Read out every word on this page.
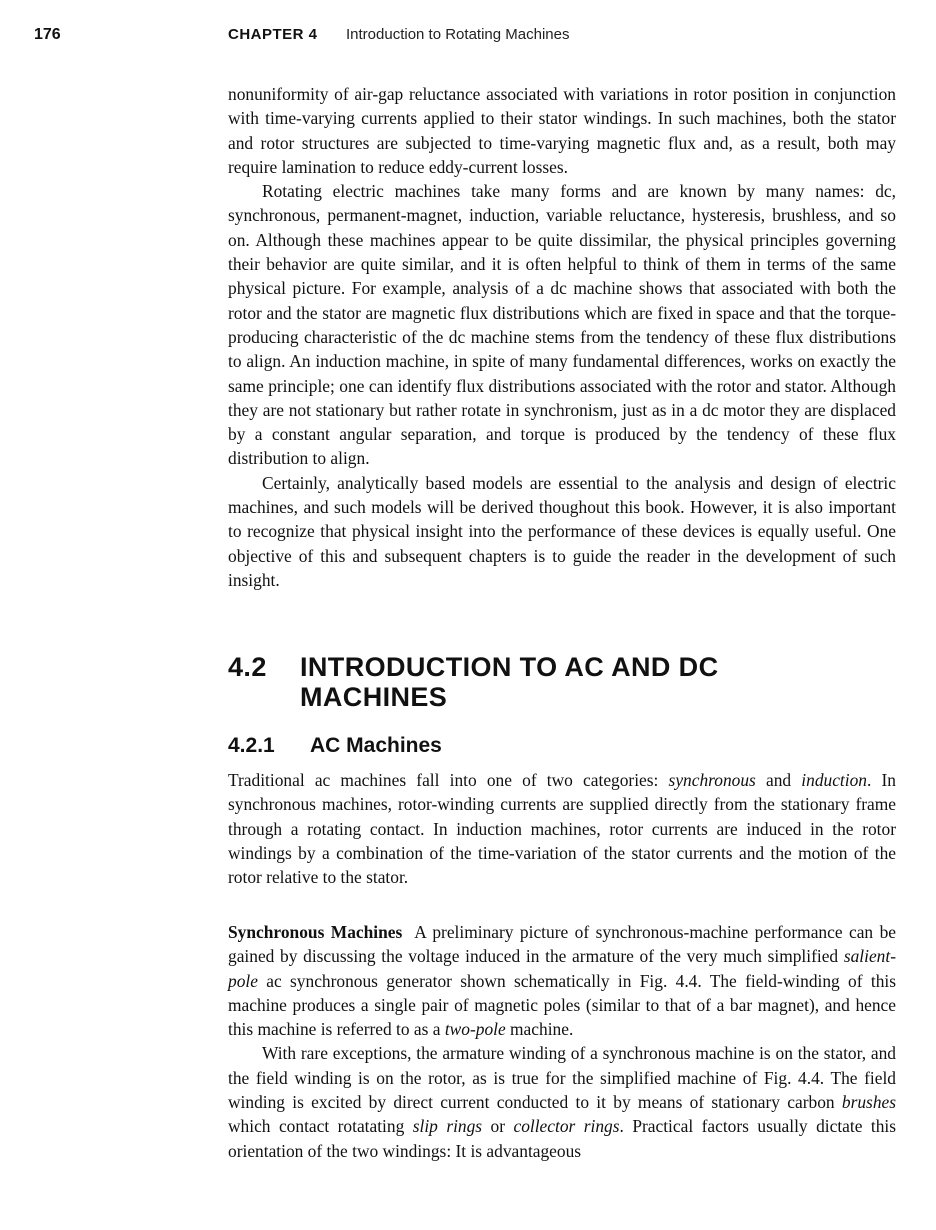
176	CHAPTER 4 Introduction to Rotating Machines

nonuniformity of air-gap reluctance associated with variations in rotor position in conjunction with time-varying currents applied to their stator windings. In such machines, both the stator and rotor structures are subjected to time-varying magnetic flux and, as a result, both may require lamination to reduce eddy-current losses.

Rotating electric machines take many forms and are known by many names: dc, synchronous, permanent-magnet, induction, variable reluctance, hysteresis, brushless, and so on. Although these machines appear to be quite dissimilar, the physical principles governing their behavior are quite similar, and it is often helpful to think of them in terms of the same physical picture. For example, analysis of a dc machine shows that associated with both the rotor and the stator are magnetic flux distributions which are fixed in space and that the torque-producing characteristic of the dc machine stems from the tendency of these flux distributions to align. An induction machine, in spite of many fundamental differences, works on exactly the same principle; one can identify flux distributions associated with the rotor and stator. Although they are not stationary but rather rotate in synchronism, just as in a dc motor they are displaced by a constant angular separation, and torque is produced by the tendency of these flux distribution to align.

Certainly, analytically based models are essential to the analysis and design of electric machines, and such models will be derived thoughout this book. However, it is also important to recognize that physical insight into the performance of these devices is equally useful. One objective of this and subsequent chapters is to guide the reader in the development of such insight.

4.2 INTRODUCTION TO AC AND DC
MACHINES
4.2.1 AC Machines

Traditional ac machines fall into one of two categories: synchronous and induction. In synchronous machines, rotor-winding currents are supplied directly from the stationary frame through a rotating contact. In induction machines, rotor currents are induced in the rotor windings by a combination of the time-variation of the stator currents and the motion of the rotor relative to the stator.

Synchronous Machines A preliminary picture of synchronous-machine performance can be gained by discussing the voltage induced in the armature of the very much simplified salient-pole ac synchronous generator shown schematically in Fig. 4.4. The field-winding of this machine produces a single pair of magnetic poles (similar to that of a bar magnet), and hence this machine is referred to as a two-pole machine.

With rare exceptions, the armature winding of a synchronous machine is on the stator, and the field winding is on the rotor, as is true for the simplified machine of Fig. 4.4. The field winding is excited by direct current conducted to it by means of stationary carbon brushes which contact rotatating slip rings or collector rings. Practical factors usually dictate this orientation of the two windings: It is advantageous
